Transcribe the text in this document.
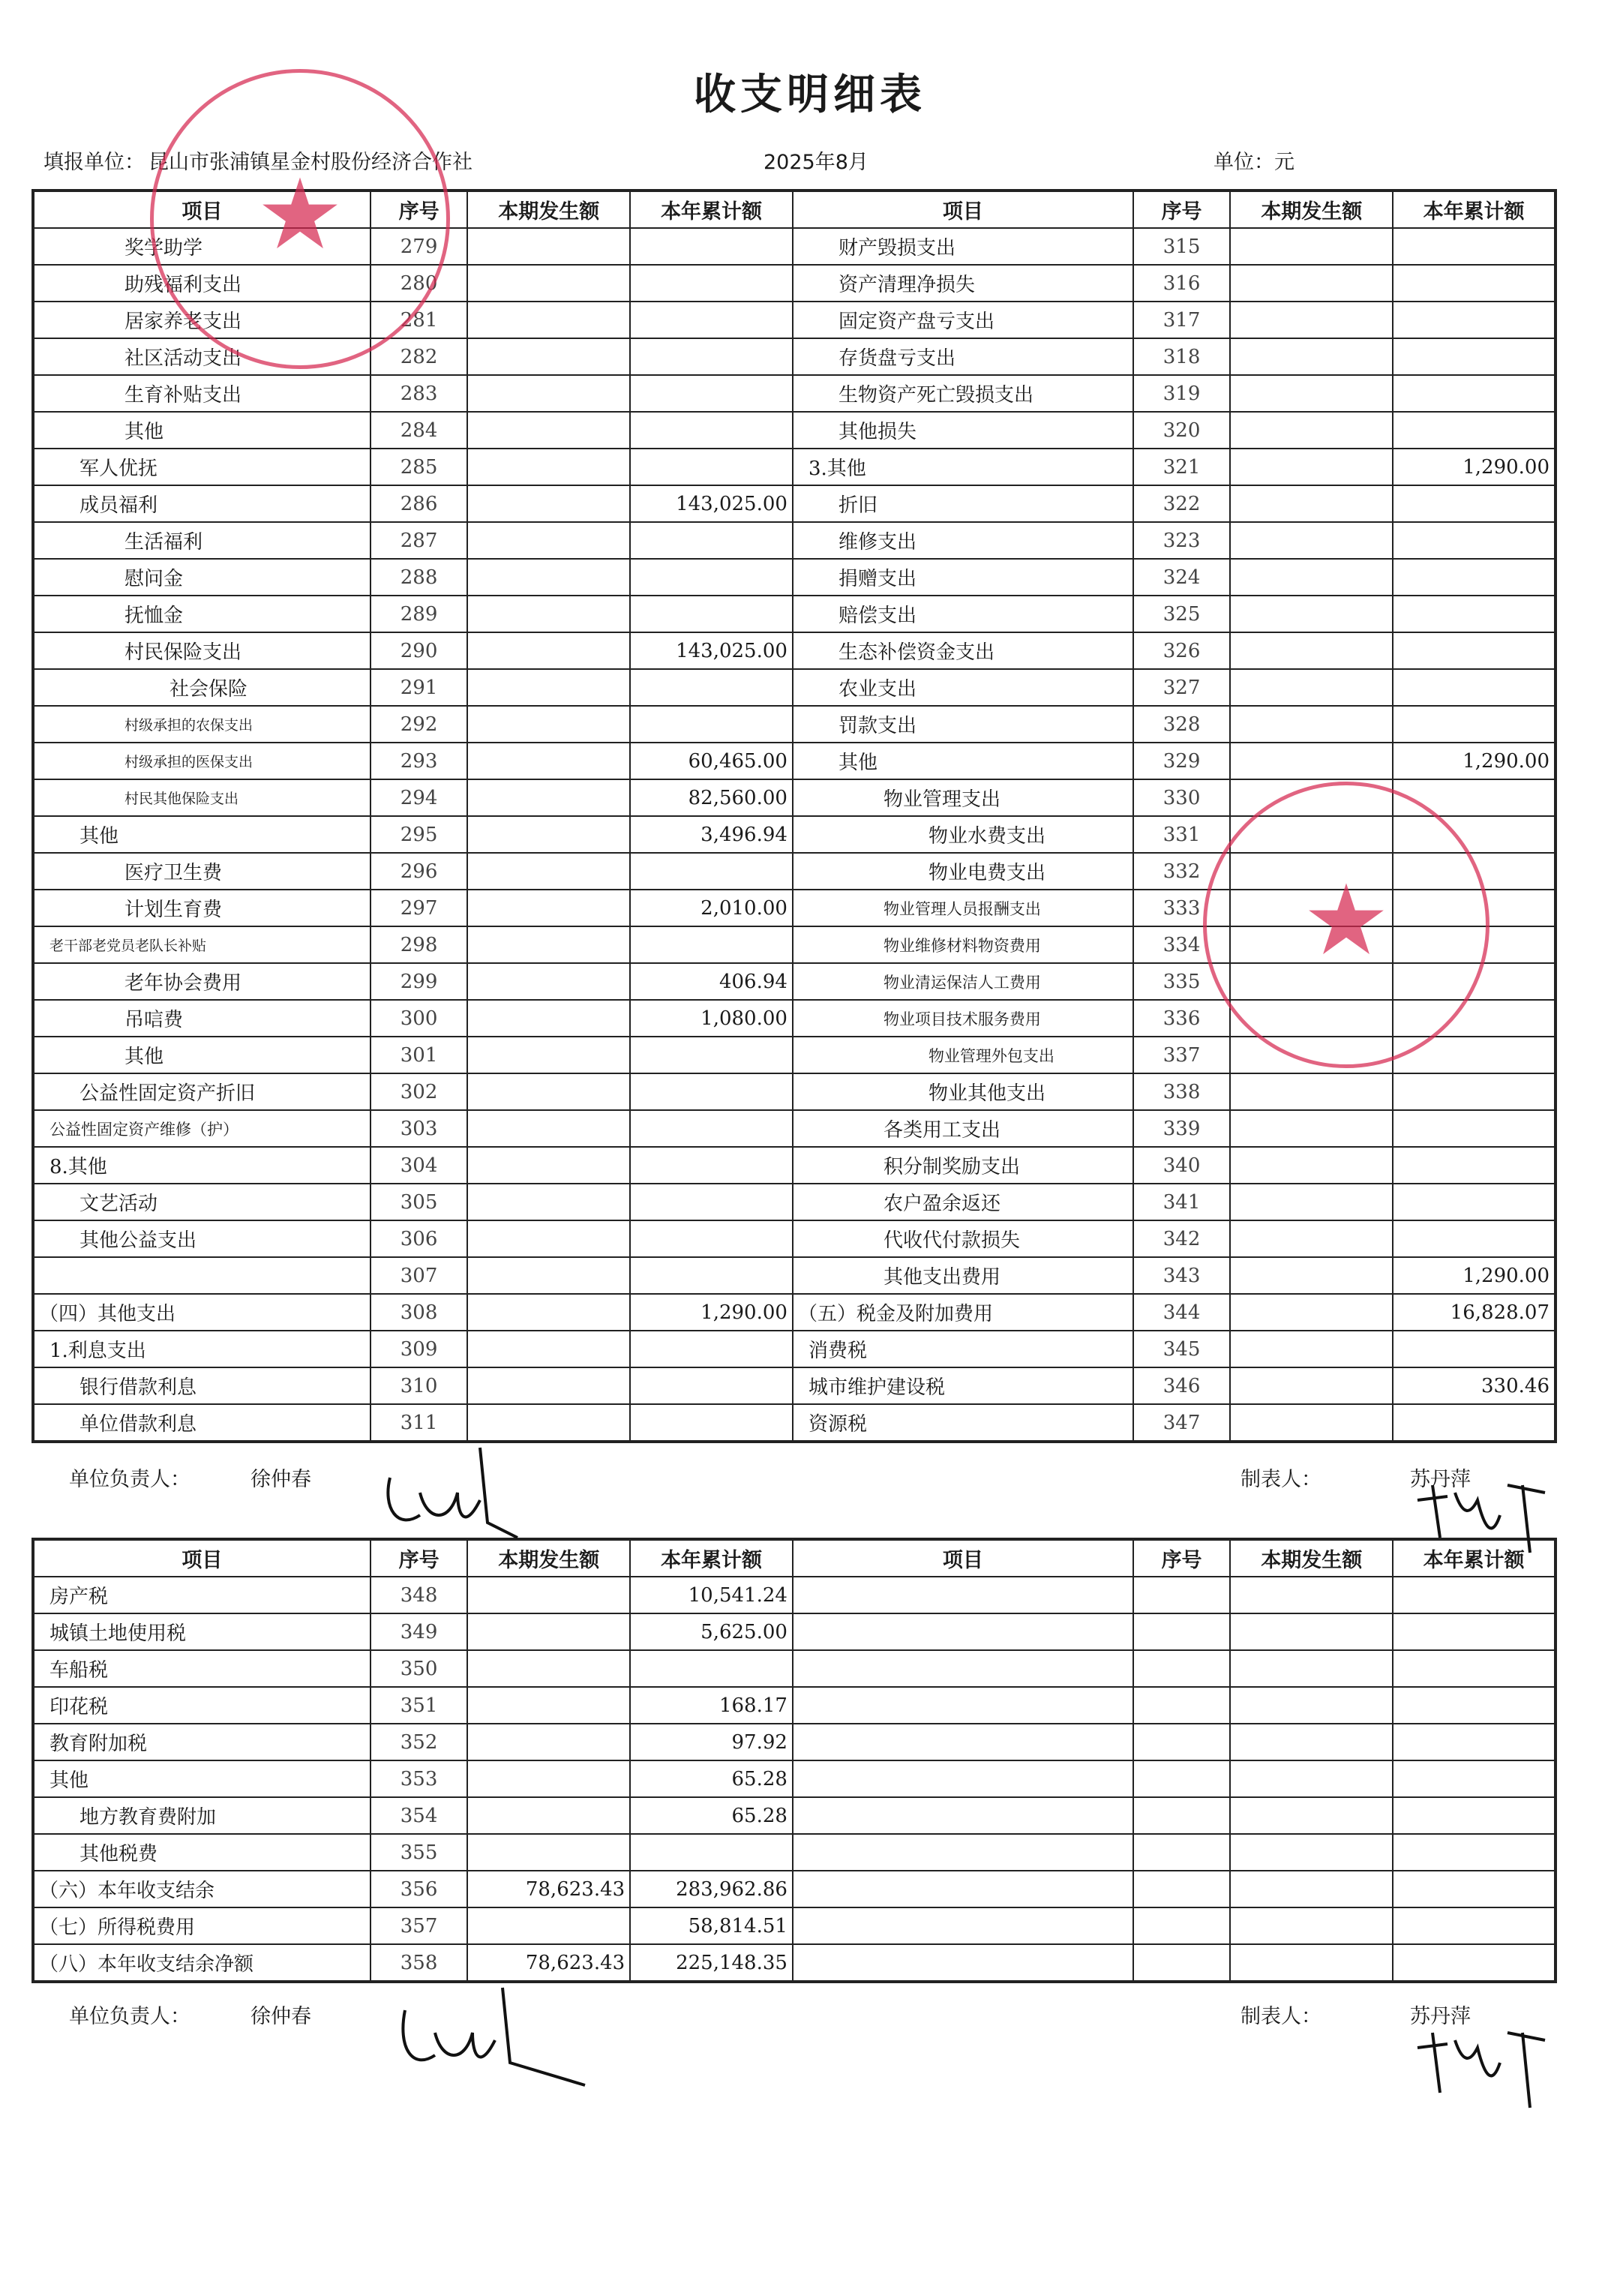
收支明细表
填报单位： 昆山市张浦镇星金村股份经济合作社	2025年8月	单位：元
项目	序号	本期发生额	本年累计额	项目	序号	本期发生额	本年累计额
奖学助学	279			财产毁损支出	315		
助残福利支出	280			资产清理净损失	316		
居家养老支出	281			固定资产盘亏支出	317		
社区活动支出	282			存货盘亏支出	318		
生育补贴支出	283			生物资产死亡毁损支出	319		
其他	284			其他损失	320		
军人优抚	285			3.其他	321		1,290.00
成员福利	286		143,025.00	折旧	322		
生活福利	287			维修支出	323		
慰问金	288			捐赠支出	324		
抚恤金	289			赔偿支出	325		
村民保险支出	290		143,025.00	生态补偿资金支出	326		
社会保险	291			农业支出	327		
村级承担的农保支出	292			罚款支出	328		
村级承担的医保支出	293		60,465.00	其他	329		1,290.00
村民其他保险支出	294		82,560.00	物业管理支出	330		
其他	295		3,496.94	物业水费支出	331		
医疗卫生费	296			物业电费支出	332		
计划生育费	297		2,010.00	物业管理人员报酬支出	333		
老干部老党员老队长补贴	298			物业维修材料物资费用	334		
老年协会费用	299		406.94	物业清运保洁人工费用	335		
吊唁费	300		1,080.00	物业项目技术服务费用	336		
其他	301			物业管理外包支出	337		
公益性固定资产折旧	302			物业其他支出	338		
公益性固定资产维修（护）	303			各类用工支出	339		
8.其他	304			积分制奖励支出	340		
文艺活动	305			农户盈余返还	341		
其他公益支出	306			代收代付款损失	342		
	307			其他支出费用	343		1,290.00
（四）其他支出	308		1,290.00	（五）税金及附加费用	344		16,828.07
1.利息支出	309			消费税	345		
银行借款利息	310			城市维护建设税	346		330.46
单位借款利息	311			资源税	347		
单位负责人：	徐仲春	制表人：	苏丹萍
项目	序号	本期发生额	本年累计额	项目	序号	本期发生额	本年累计额
房产税	348		10,541.24				
城镇土地使用税	349		5,625.00				
车船税	350						
印花税	351		168.17				
教育附加税	352		97.92				
其他	353		65.28				
地方教育费附加	354		65.28				
其他税费	355						
（六）本年收支结余	356	78,623.43	283,962.86				
（七）所得税费用	357		58,814.51				
（八）本年收支结余净额	358	78,623.43	225,148.35				
单位负责人：	徐仲春	制表人：	苏丹萍
★
★
